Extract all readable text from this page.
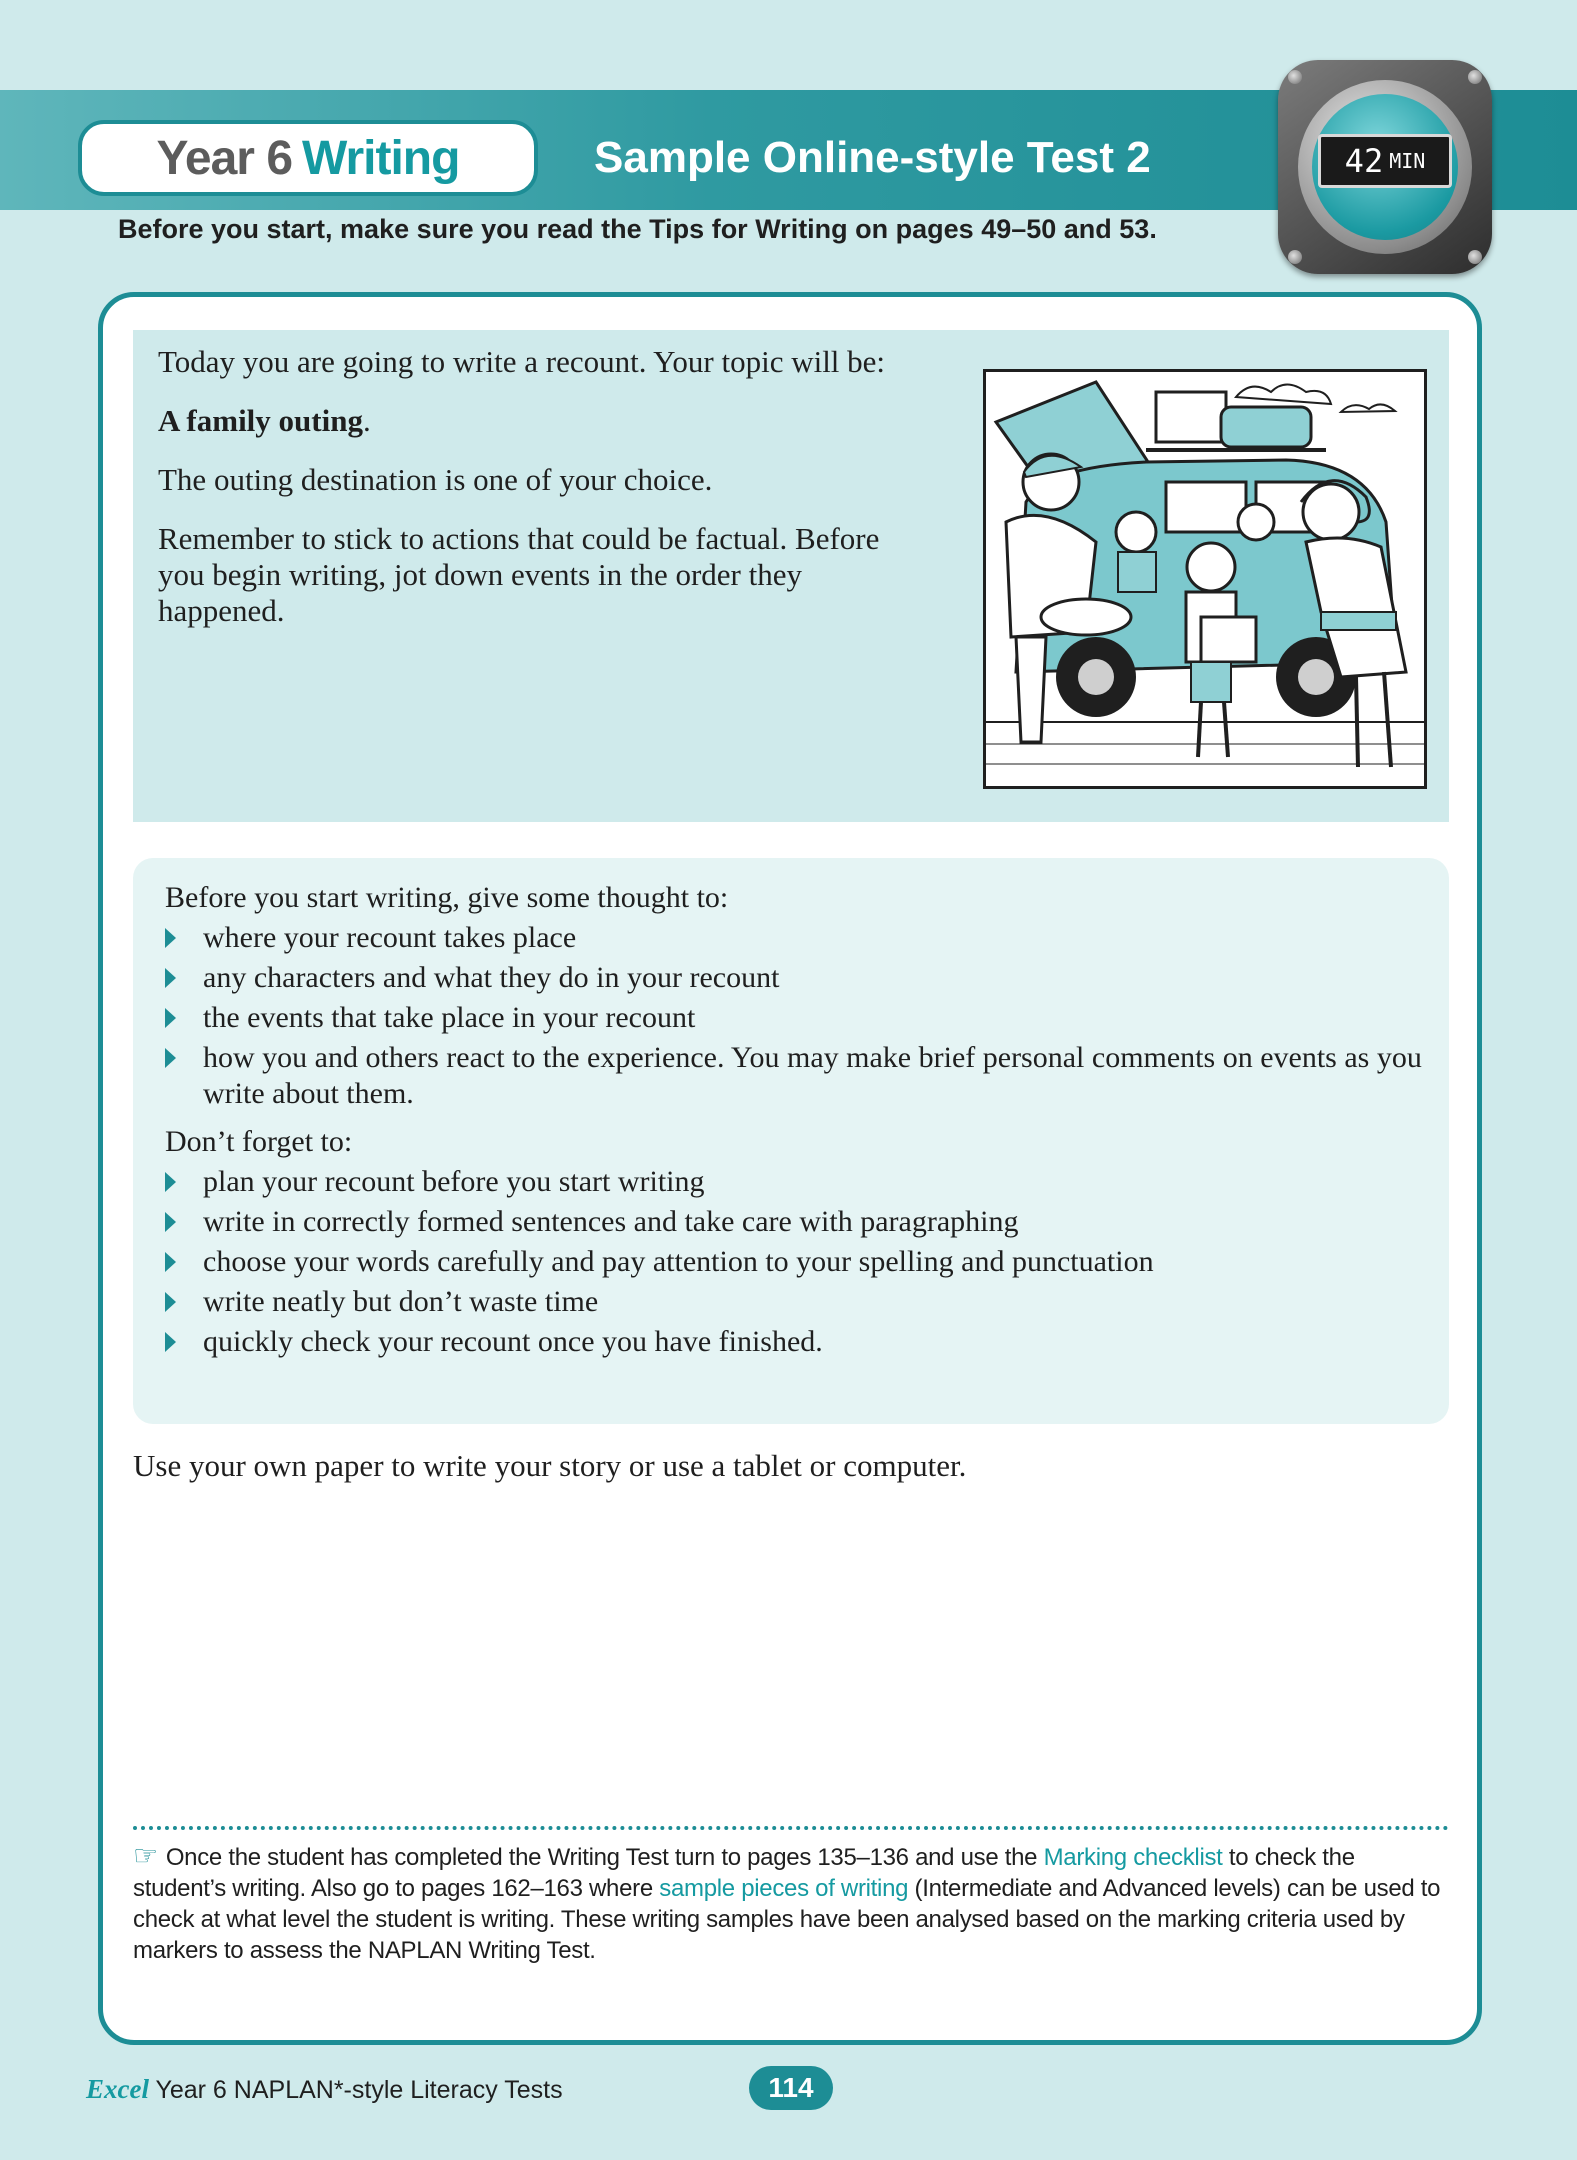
Year 6 Writing	Sample Online-style Test 2	42 MIN
Before you start, make sure you read the Tips for Writing on pages 49–50 and 53.

Today you are going to write a recount. Your topic will be:

A family outing.

The outing destination is one of your choice.

Remember to stick to actions that could be factual. Before you begin writing, jot down events in the order they happened.

Before you start writing, give some thought to:

where your recount takes place
any characters and what they do in your recount
the events that take place in your recount
how you and others react to the experience. You may make brief personal comments on events as you write about them.

Don’t forget to:

plan your recount before you start writing
write in correctly formed sentences and take care with paragraphing
choose your words carefully and pay attention to your spelling and punctuation
write neatly but don’t waste time
quickly check your recount once you have finished.
Use your own paper to write your story or use a tablet or computer.
☞ Once the student has completed the Writing Test turn to pages 135–136 and use the Marking checklist to check the student’s writing. Also go to pages 162–163 where sample pieces of writing (Intermediate and Advanced levels) can be used to check at what level the student is writing. These writing samples have been analysed based on the marking criteria used by markers to assess the NAPLAN Writing Test.
Excel Year 6 NAPLAN*-style Literacy Tests	114
